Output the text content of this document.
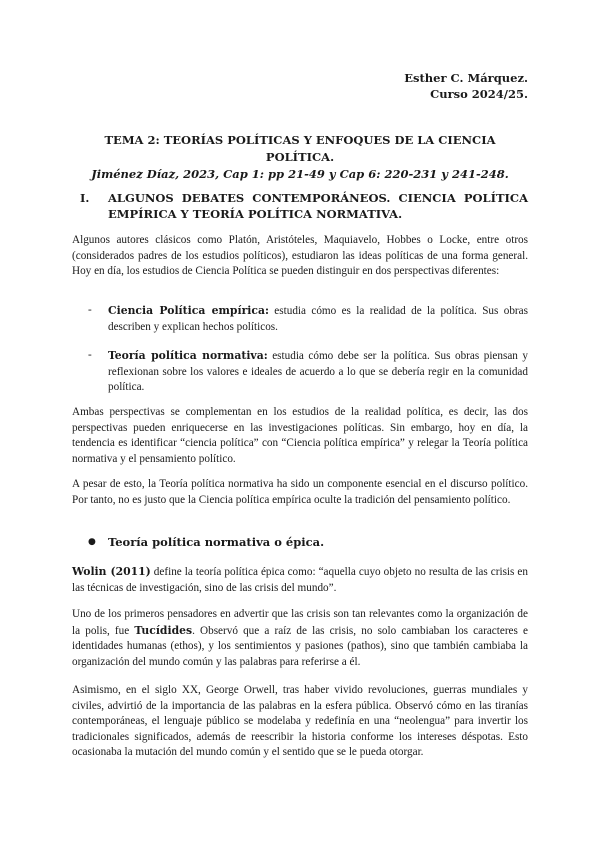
Esther C. Márquez.
Curso 2024/25.
TEMA 2: TEORÍAS POLÍTICAS Y ENFOQUES DE LA CIENCIA POLÍTICA.
Jiménez Díaz, 2023, Cap 1: pp 21-49 y Cap 6: 220-231 y 241-248.
I. ALGUNOS DEBATES CONTEMPORÁNEOS. CIENCIA POLÍTICA EMPÍRICA Y TEORÍA POLÍTICA NORMATIVA.
Algunos autores clásicos como Platón, Aristóteles, Maquiavelo, Hobbes o Locke, entre otros (considerados padres de los estudios políticos), estudiaron las ideas políticas de una forma general. Hoy en día, los estudios de Ciencia Política se pueden distinguir en dos perspectivas diferentes:
- Ciencia Política empírica: estudia cómo es la realidad de la política. Sus obras describen y explican hechos políticos.
- Teoría política normativa: estudia cómo debe ser la política. Sus obras piensan y reflexionan sobre los valores e ideales de acuerdo a lo que se debería regir en la comunidad política.
Ambas perspectivas se complementan en los estudios de la realidad política, es decir, las dos perspectivas pueden enriquecerse en las investigaciones políticas. Sin embargo, hoy en día, la tendencia es identificar “ciencia política” con “Ciencia política empírica” y relegar la Teoría política normativa y el pensamiento político.
A pesar de esto, la Teoría política normativa ha sido un componente esencial en el discurso político. Por tanto, no es justo que la Ciencia política empírica oculte la tradición del pensamiento político.
● Teoría política normativa o épica.
Wolin (2011) define la teoría política épica como: “aquella cuyo objeto no resulta de las crisis en las técnicas de investigación, sino de las crisis del mundo”.
Uno de los primeros pensadores en advertir que las crisis son tan relevantes como la organización de la polis, fue Tucídides. Observó que a raíz de las crisis, no solo cambiaban los caracteres e identidades humanas (ethos), y los sentimientos y pasiones (pathos), sino que también cambiaba la organización del mundo común y las palabras para referirse a él.
Asimismo, en el siglo XX, George Orwell, tras haber vivido revoluciones, guerras mundiales y civiles, advirtió de la importancia de las palabras en la esfera pública. Observó cómo en las tiranías contemporáneas, el lenguaje público se modelaba y redefinía en una “neolengua” para invertir los tradicionales significados, además de reescribir la historia conforme los intereses déspotas. Esto ocasionaba la mutación del mundo común y el sentido que se le pueda otorgar.
